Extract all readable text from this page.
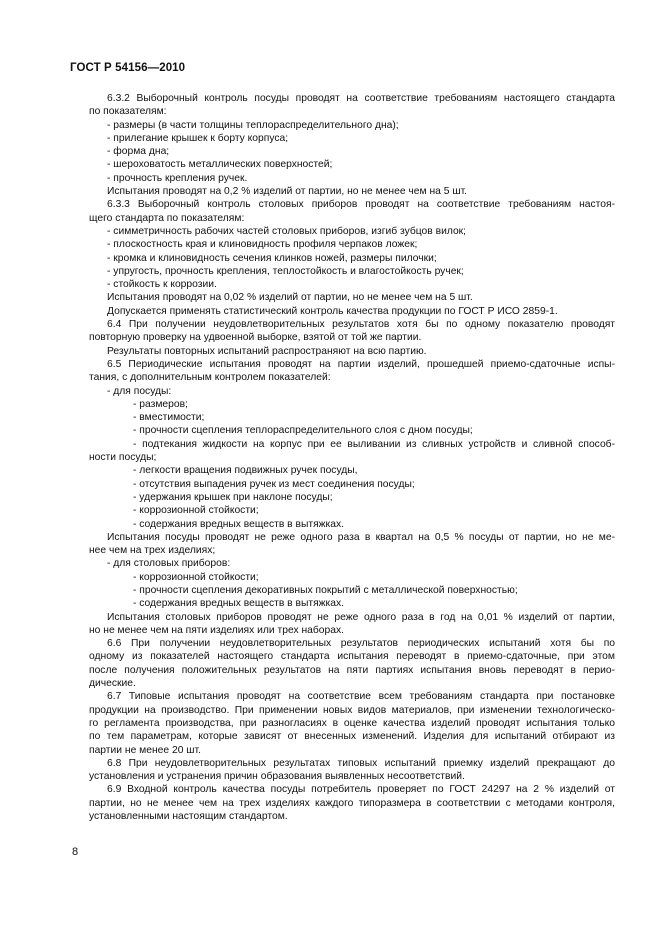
ГОСТ Р 54156—2010
6.3.2 Выборочный контроль посуды проводят на соответствие требованиям настоящего стандарта
по показателям:
- размеры (в части толщины теплораспределительного дна);
- прилегание крышек к борту корпуса;
- форма дна;
- шероховатость металлических поверхностей;
- прочность крепления ручек.
Испытания проводят на 0,2 % изделий от партии, но не менее чем на 5 шт.
6.3.3 Выборочный контроль столовых приборов проводят на соответствие требованиям настоя-
щего стандарта по показателям:
- симметричность рабочих частей столовых приборов, изгиб зубцов вилок;
- плоскостность края и клиновидность профиля черпаков ложек;
- кромка и клиновидность сечения клинков ножей, размеры пилочки;
- упругость, прочность крепления, теплостойкость и влагостойкость ручек;
- стойкость к коррозии.
Испытания проводят на 0,02 % изделий от партии, но не менее чем на 5 шт.
Допускается применять статистический контроль качества продукции по ГОСТ Р ИСО 2859-1.
6.4 При получении неудовлетворительных результатов хотя бы по одному показателю проводят
повторную проверку на удвоенной выборке, взятой от той же партии.
Результаты повторных испытаний распространяют на всю партию.
6.5 Периодические испытания проводят на партии изделий, прошедшей приемо-сдаточные испы-
тания, с дополнительным контролем показателей:
- для посуды:
- размеров;
- вместимости;
- прочности сцепления теплораспределительного слоя с дном посуды;
- подтекания жидкости на корпус при ее выливании из сливных устройств и сливной способ-
ности посуды;
- легкости вращения подвижных ручек посуды,
- отсутствия выпадения ручек из мест соединения посуды;
- удержания крышек при наклоне посуды;
- коррозионной стойкости;
- содержания вредных веществ в вытяжках.
Испытания посуды проводят не реже одного раза в квартал на 0,5 % посуды от партии, но не ме-
нее чем на трех изделиях;
- для столовых приборов:
- коррозионной стойкости;
- прочности сцепления декоративных покрытий с металлической поверхностью;
- содержания вредных веществ в вытяжках.
Испытания столовых приборов проводят не реже одного раза в год на 0,01 % изделий от партии,
но не менее чем на пяти изделиях или трех наборах.
6.6 При получении неудовлетворительных результатов периодических испытаний хотя бы по
одному из показателей настоящего стандарта испытания переводят в приемо-сдаточные, при этом
после получения положительных результатов на пяти партиях испытания вновь переводят в перио-
дические.
6.7 Типовые испытания проводят на соответствие всем требованиям стандарта при постановке
продукции на производство. При применении новых видов материалов, при изменении технологическо-
го регламента производства, при разногласиях в оценке качества изделий проводят испытания только
по тем параметрам, которые зависят от внесенных изменений. Изделия для испытаний отбирают из
партии не менее 20 шт.
6.8 При неудовлетворительных результатах типовых испытаний приемку изделий прекращают до
установления и устранения причин образования выявленных несоответствий.
6.9 Входной контроль качества посуды потребитель проверяет по ГОСТ 24297 на 2 % изделий от
партии, но не менее чем на трех изделиях каждого типоразмера в соответствии с методами контроля,
установленными настоящим стандартом.
8
